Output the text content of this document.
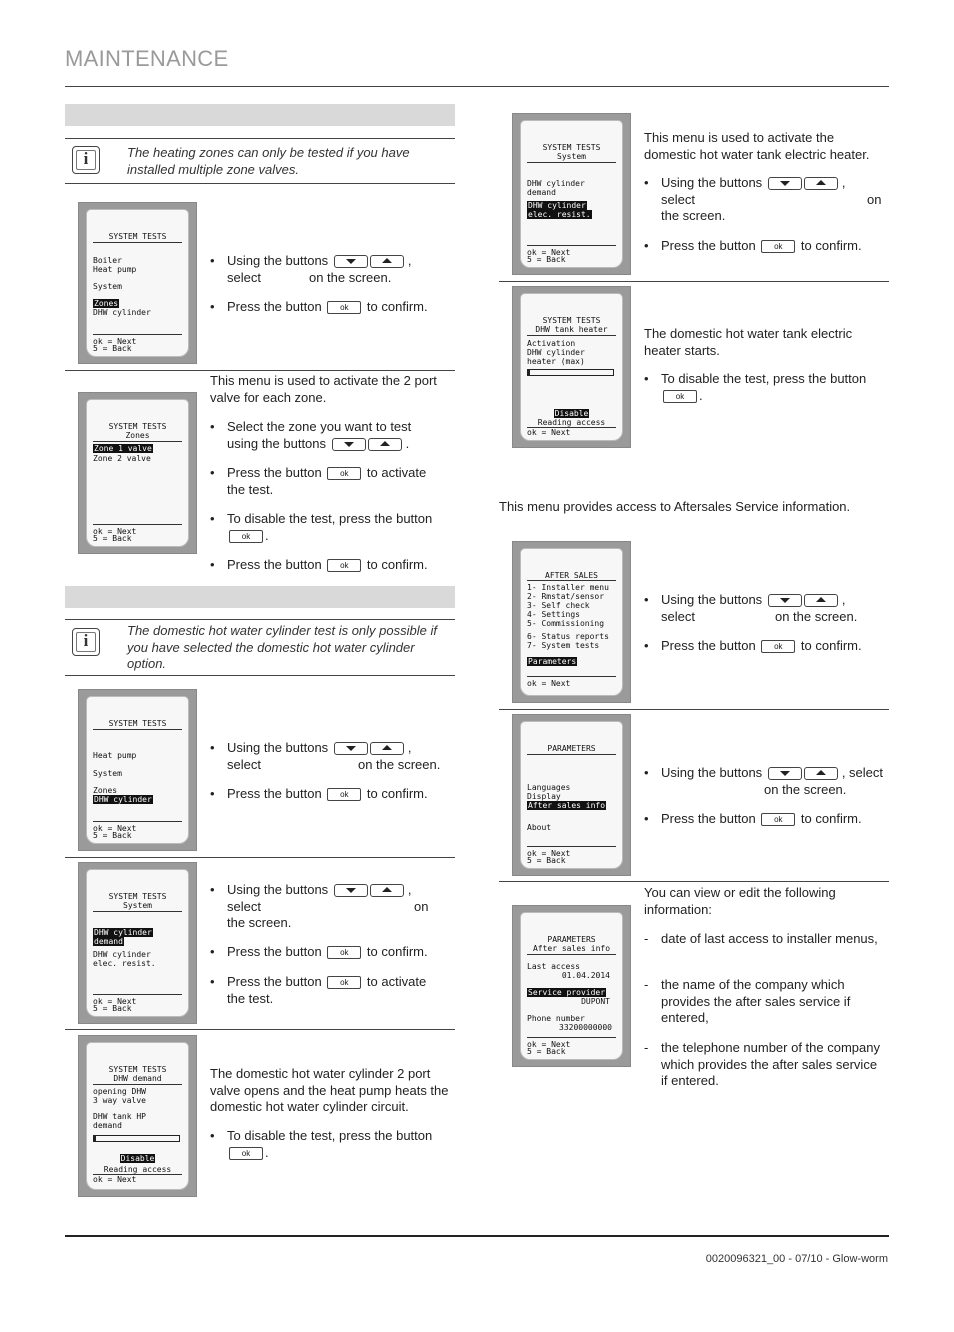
MAINTENANCE
i	The heating zones can only be tested if you have installed multiple zone valves.
SYSTEM TESTS
Boiler
Heat pump
System
Zones
DHW cylinder
ok = Next
5 = Back
• Using the buttons	,
select	on the screen.
• Press the button ok to confirm.
SYSTEM TESTS
Zones
Zone 1 valve
Zone 2 valve
ok = Next
5 = Back
This menu is used to activate the 2 port valve for each zone.
• Select the zone you want to test
using the buttons	.
• Press the button ok to activate
the test.
• To disable the test, press the button
ok .
• Press the button ok to confirm.
i
The domestic hot water cylinder test is only possible if you have selected the domestic hot water cylinder option.
SYSTEM TESTS
Heat pump
System
Zones
DHW cylinder
ok = Next
5 = Back
• Using the buttons	,
select	on the screen.
• Press the button ok to confirm.
SYSTEM TESTS
System
DHW cylinder
demand
DHW cylinder
elec. resist.
ok = Next
5 = Back
• Using the buttons	,
select	on
the screen.
• Press the button ok to confirm.
• Press the button ok to activate
the test.
SYSTEM TESTS
DHW demand
opening DHW
3 way valve
DHW tank HP
demand
Disable
Reading access
ok = Next
The domestic hot water cylinder 2 port valve opens and the heat pump heats the domestic hot water cylinder circuit.
• To disable the test, press the button
ok .
SYSTEM TESTS
System
DHW cylinder
demand
DHW cylinder
elec. resist.
ok = Next
5 = Back
This menu is used to activate the domestic hot water tank electric heater.
• Using the buttons	,
select	on
the screen.
• Press the button ok to confirm.
SYSTEM TESTS
DHW tank heater
Activation
DHW cylinder
heater (max)
Disable
Reading access
ok = Next
The domestic hot water tank electric heater starts.
• To disable the test, press the button
ok .
This menu provides access to Aftersales Service information.
AFTER SALES
1- Installer menu
2- Rmstat/sensor
3- Self check
4- Settings
5- Commissioning
6- Status reports
7- System tests
Parameters
ok = Next
• Using the buttons	,
select	on the screen.
• Press the button ok to confirm.
PARAMETERS
Languages
Display
After sales info
About
ok = Next
5 = Back
• Using the buttons	, select
on the screen.
• Press the button ok to confirm.
PARAMETERS
After sales info
Last access
01.04.2014
Service provider
DUPONT
Phone number
33200000000
ok = Next
5 = Back
You can view or edit the following information:
- date of last access to installer menus,
- the name of the company which provides the after sales service if entered,
- the telephone number of the company which provides the after sales service if entered.
0020096321_00 - 07/10 - Glow-worm
